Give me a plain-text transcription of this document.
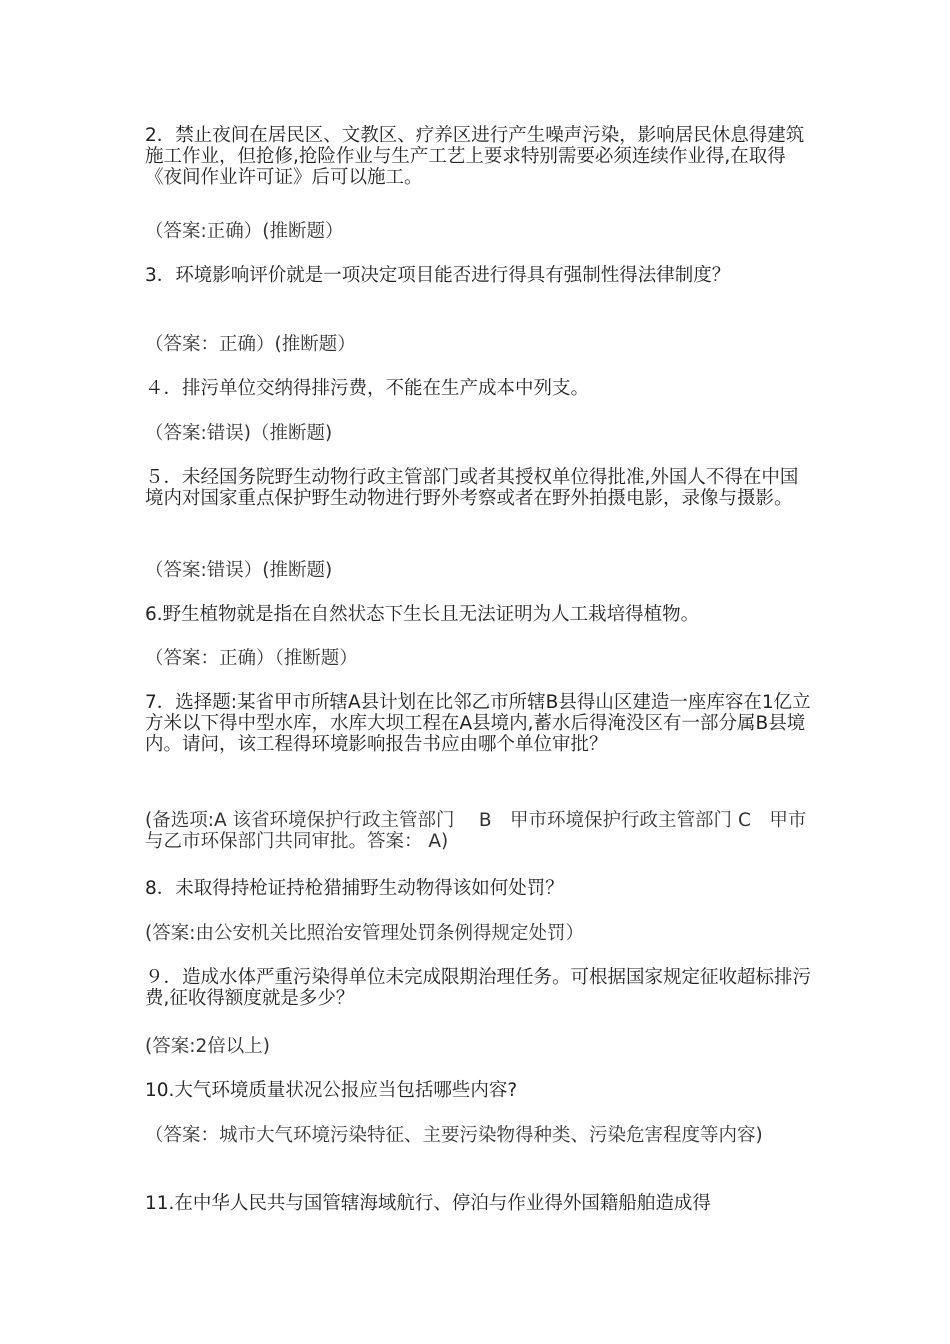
2．禁止夜间在居民区、文教区、疗养区进行产生噪声污染，影响居民休息得建筑施工作业，但抢修,抢险作业与生产工艺上要求特别需要必须连续作业得,在取得《夜间作业许可证》后可以施工。

（答案:正确）(推断题）

3．环境影响评价就是一项决定项目能否进行得具有强制性得法律制度？

（答案：正确）(推断题）

４．排污单位交纳得排污费，不能在生产成本中列支。

（答案:错误)（推断题)

５．未经国务院野生动物行政主管部门或者其授权单位得批准,外国人不得在中国境内对国家重点保护野生动物进行野外考察或者在野外拍摄电影，录像与摄影。

（答案:错误）(推断题)

6.野生植物就是指在自然状态下生长且无法证明为人工栽培得植物。

（答案：正确）（推断题）

7．选择题:某省甲市所辖A县计划在比邻乙市所辖B县得山区建造一座库容在1亿立方米以下得中型水库，水库大坝工程在A县境内,蓄水后得淹没区有一部分属B县境内。请问，该工程得环境影响报告书应由哪个单位审批？

(备选项:A 该省环境保护行政主管部门　 B　甲市环境保护行政主管部门 C　甲市与乙市环保部门共同审批。答案： A)

8．未取得持枪证持枪猎捕野生动物得该如何处罚？

(答案:由公安机关比照治安管理处罚条例得规定处罚）

９．造成水体严重污染得单位未完成限期治理任务。可根据国家规定征收超标排污费,征收得额度就是多少？

(答案:2倍以上)

10.大气环境质量状况公报应当包括哪些内容?

（答案：城市大气环境污染特征、主要污染物得种类、污染危害程度等内容)

11.在中华人民共与国管辖海域航行、停泊与作业得外国籍船舶造成得
